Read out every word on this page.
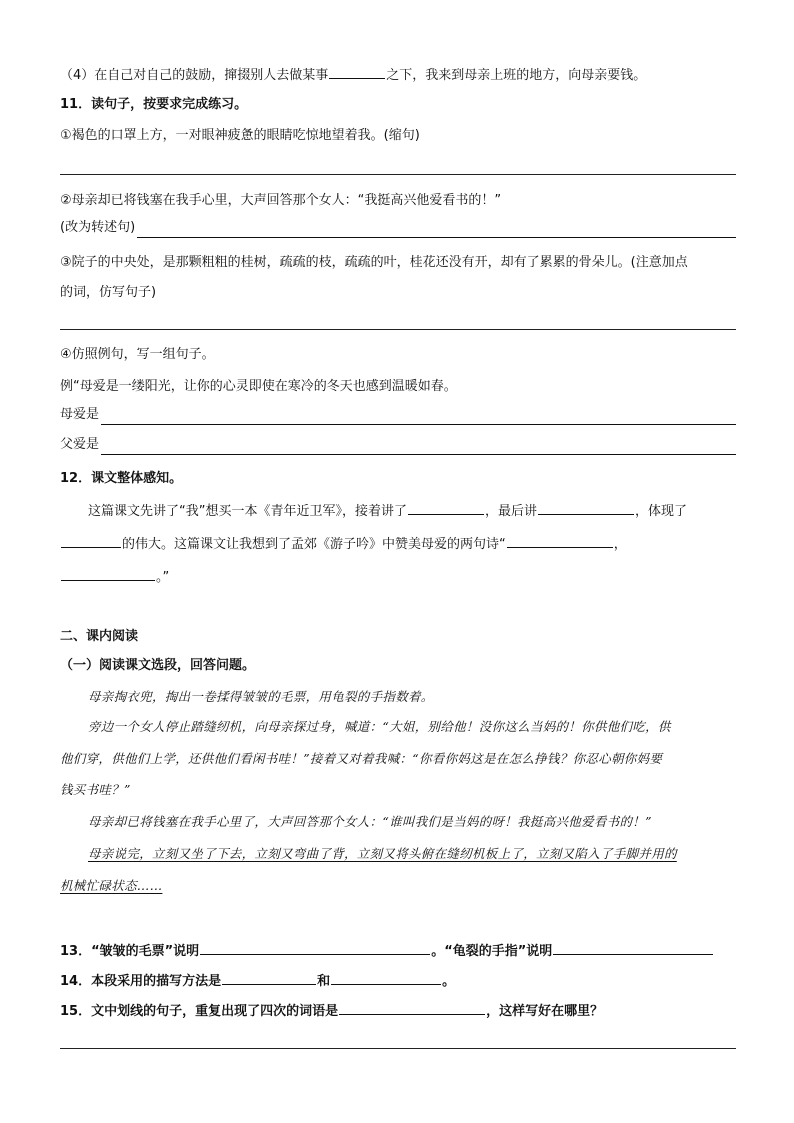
（4）在自己对自己的鼓励，撺掇别人去做某事	之下，我来到母亲上班的地方，向母亲要钱。
11．读句子，按要求完成练习。
①褐色的口罩上方，一对眼神疲惫的眼睛吃惊地望着我。(缩句)
②母亲却已将钱塞在我手心里，大声回答那个女人：“我挺高兴他爱看书的！”
(改为转述句)
③院子的中央处，是那颗粗粗的桂树，疏疏的枝，疏疏的叶，桂花还没有开，却有了累累的骨朵儿。(注意加点
的词，仿写句子)
④仿照例句，写一组句子。
例“母爱是一缕阳光，让你的心灵即使在寒冷的冬天也感到温暖如春。
母爱是
父爱是
12．课文整体感知。
这篇课文先讲了“我”想买一本《青年近卫军》，接着讲了	，最后讲	，体现了
的伟大。这篇课文让我想到了孟郊《游子吟》中赞美母爱的两句诗“	，
。”
二、课内阅读
（一）阅读课文选段，回答问题。
母亲掏衣兜，掏出一卷揉得皱皱的毛票，用龟裂的手指数着。
旁边一个女人停止踏缝纫机，向母亲探过身，喊道：“大姐，别给他！没你这么当妈的！你供他们吃，供
他们穿，供他们上学，还供他们看闲书哇！”接着又对着我喊：“你看你妈这是在怎么挣钱？你忍心朝你妈要
钱买书哇？”
母亲却已将钱塞在我手心里了，大声回答那个女人：“谁叫我们是当妈的呀！我挺高兴他爱看书的！”
母亲说完，立刻又坐了下去，立刻又弯曲了背，立刻又将头俯在缝纫机板上了，立刻又陷入了手脚并用的
机械忙碌状态……
13．“皱皱的毛票”说明	。“龟裂的手指”说明
14．本段采用的描写方法是	和	。
15．文中划线的句子，重复出现了四次的词语是	，这样写好在哪里？
